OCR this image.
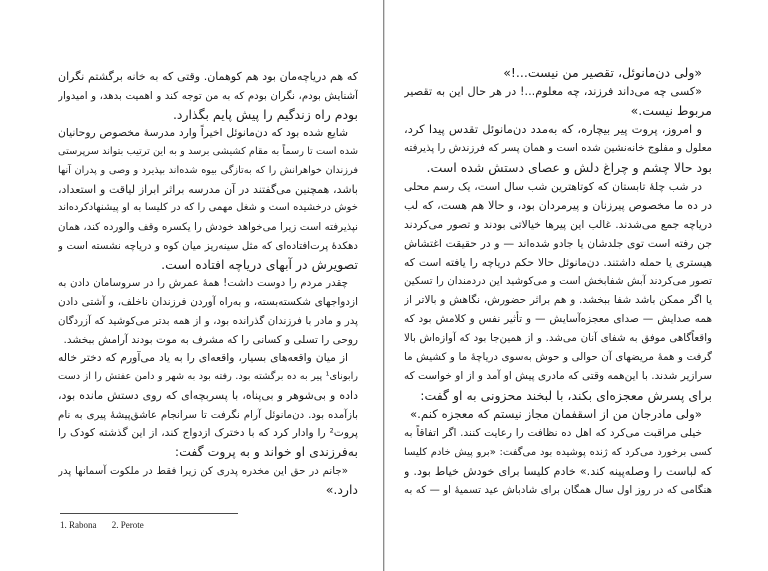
که هم دریاچه‌مان بود هم کوهمان. وقتی که به خانه برگشتم نگران
آشنایش بودم، نگران بودم که به من توجه کند و اهمیت بدهد، و امیدوار
بودم راه زندگیم را پیش پایم بگذارد.
شایع شده بود که دن‌مانوئل اخیراً وارد مدرسهٔ مخصوص روحانیان
شده است تا رسماً به مقام کشیشی برسد و به این ترتیب بتواند سرپرستی
فرزندان خواهرانش را که به‌تازگی بیوه شده‌اند بپذیرد و وصی و پدران آنها
باشد، همچنین می‌گفتند در آن مدرسه براثر ابراز لیاقت و استعداد،
خوش درخشیده است و شغل مهمی را که در کلیسا به او پیشنهادکرده‌اند
نپذیرفته است زیرا می‌خواهد خودش را یکسره وقف والورده کند، همان
دهکدهٔ پرت‌افتاده‌ای که مثل سینه‌ریز میان کوه و دریاچه نشسته است و
تصویرش در آبهای دریاچه افتاده است.
چقدر مردم را دوست داشت! همهٔ عمرش را در سروسامان دادن به
ازدواجهای شکسته‌بسته، و به‌راه آوردن فرزندان ناخلف، و آشتی دادن
پدر و مادر با فرزندان گذرانده بود، و از همه بدتر می‌کوشید که آزردگان
روحی را تسلی و کسانی را که مشرف به موت بودند آرامش ببخشد.
از میان واقعه‌های بسیار، واقعه‌ای را به یاد می‌آورم که دختر خاله
رابونای¹ پیر به ده برگشته بود. رفته بود به شهر و دامن عفتش را از دست
داده و بی‌شوهر و بی‌پناه، با پسربچه‌ای که روی دستش مانده بود،
بازآمده بود. دن‌مانوئل آرام نگرفت تا سرانجام عاشق‌پیشهٔ پیری به نام
پروت² را وادار کرد که با دخترک ازدواج کند، از این گذشته کودک را
به‌فرزندی او خواند و به پروت گفت:
«جانم در حق این مخدره پدری کن زیرا فقط در ملکوت آسمانها پدر
دارد.»
1. Rabona 2. Perote
«ولی دن‌مانوئل، تقصیر من نیست...!»
«کسی چه می‌داند فرزند، چه معلوم...! در هر حال این به تقصیر
مربوط نیست.»
و امروز، پروت پیر بیچاره، که به‌مدد دن‌مانوئل تقدس پیدا کرد،
معلول و مفلوج خانه‌نشین شده است و همان پسر که فرزندش را پذیرفته
بود حالا چشم و چراغ دلش و عصای دستش شده است.
در شب چلهٔ تابستان که کوتاهترین شب سال است، یک رسم محلی
در ده ما مخصوص پیرزنان و پیرمردان بود، و حالا هم هست، که لب
دریاچه جمع می‌شدند. غالب این پیرها خیالاتی بودند و تصور می‌کردند
جن رفته است توی جلدشان یا جادو شده‌اند — و در حقیقت اغتشاش
هیستری یا حمله داشتند. دن‌مانوئل حالا حکم دریاچه را یافته است که
تصور می‌کردند آبش شفابخش است و می‌کوشید این دردمندان را تسکین
یا اگر ممکن باشد شفا ببخشد. و هم براثر حضورش، نگاهش و بالاتر از
همه صدایش — صدای معجزه‌آسایش — و تأثیر نفس و کلامش بود که
واقعاًگاهی موفق به شفای آنان می‌شد. و از همین‌جا بود که آوازه‌اش بالا
گرفت و همهٔ مریضهای آن حوالی و حوش به‌سوی دریاچهٔ ما و کشیش ما
سرازیر شدند. با این‌همه وقتی که مادری پیش او آمد و از او خواست که
برای پسرش معجزه‌ای بکند، با لبخند محزونی به او گفت:
«ولی مادرجان من از اسقفمان مجاز نیستم که معجزه کنم.»
خیلی مراقبت می‌کرد که اهل ده نظافت را رعایت کنند. اگر اتفاقاً به
کسی برخورد می‌کرد که ژنده پوشیده بود می‌گفت: «برو پیش خادم کلیسا
که لباست را وصله‌پینه کند.» خادم کلیسا برای خودش خیاط بود. و
هنگامی که در روز اول سال همگان برای شادباش عید تسمیهٔ او — که به
